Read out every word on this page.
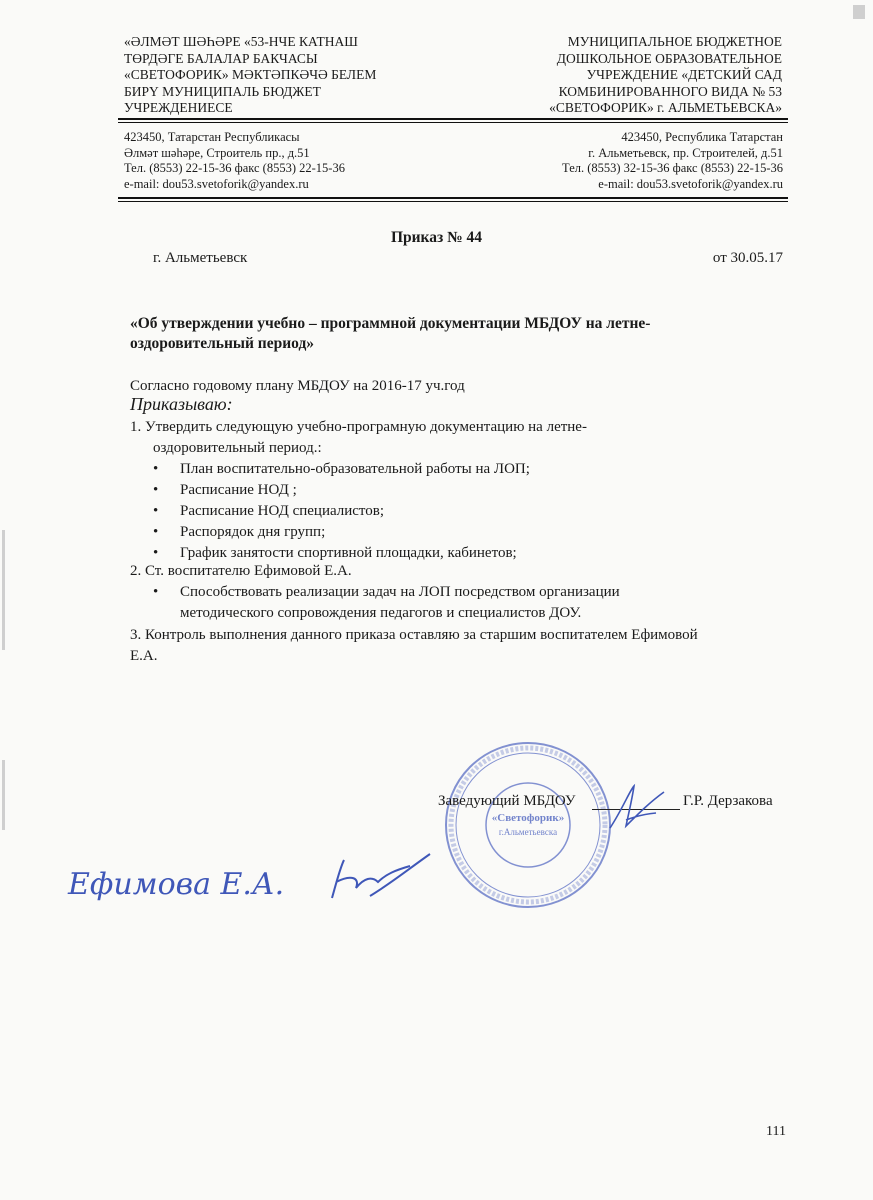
«ӘЛМӘТ ШӘҺӘРЕ «53-НЧЕ КАТНАШ
ТӨРДӘГЕ БАЛАЛАР БАКЧАСЫ
«СВЕТОФОРИК» МӘКТӘПКӘЧӘ БЕЛЕМ
БИРҮ МУНИЦИПАЛЬ БЮДЖЕТ
УЧРЕЖДЕНИЕСЕ
МУНИЦИПАЛЬНОЕ БЮДЖЕТНОЕ
ДОШКОЛЬНОЕ ОБРАЗОВАТЕЛЬНОЕ
УЧРЕЖДЕНИЕ «ДЕТСКИЙ САД
КОМБИНИРОВАННОГО ВИДА № 53
«СВЕТОФОРИК» г. АЛЬМЕТЬЕВСКА»
423450, Татарстан Республикасы
Әлмәт шәһәре, Строитель пр., д.51
Тел. (8553) 22-15-36 факс (8553) 22-15-36
e-mail: dou53.svetoforik@yandex.ru
423450, Республика Татарстан
г. Альметьевск, пр. Строителей, д.51
Тел. (8553) 32-15-36 факс (8553) 22-15-36
e-mail: dou53.svetoforik@yandex.ru
Приказ № 44
г. Альметьевск	от 30.05.17
«Об утверждении учебно – программной документации МБДОУ на летне-
оздоровительный период»
Согласно годовому плану МБДОУ на 2016-17 уч.год
Приказываю:
1. Утвердить следующую учебно-програмную документацию на летне-
оздоровительный период.:
• План воспитательно-образовательной работы на ЛОП;
• Расписание НОД ;
• Расписание НОД специалистов;
• Распорядок дня групп;
• График занятости спортивной площадки, кабинетов;
2. Ст. воспитателю Ефимовой Е.А.
• Способствовать реализации задач на ЛОП посредством организации
методического сопровождения педагогов и специалистов ДОУ.
3. Контроль выполнения данного приказа оставляю за старшим воспитателем Ефимовой
Е.А.
«Светофорик»
г.Альметьевска
Заведующий МБДОУ	Г.Р. Дерзакова
Ефимова Е.А.
111
